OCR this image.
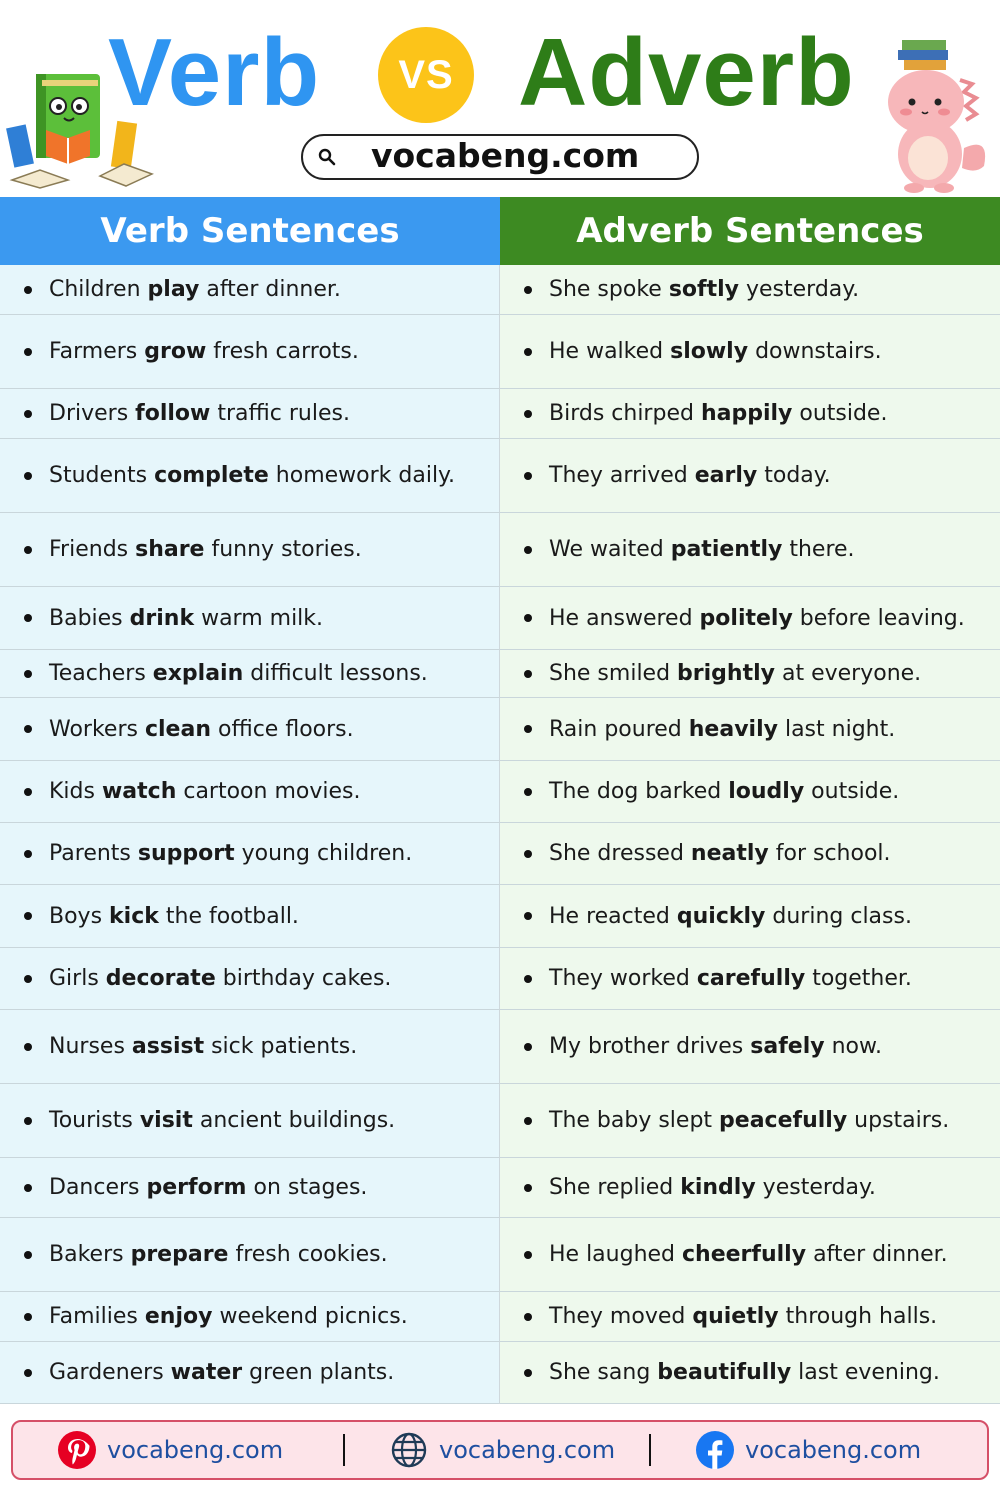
Verb VS Adverb
vocabeng.com
Verb Sentences	Adverb Sentences
Children play after dinner.	She spoke softly yesterday.
Farmers grow fresh carrots.	He walked slowly downstairs.
Drivers follow traffic rules.	Birds chirped happily outside.
Students complete homework daily.	They arrived early today.
Friends share funny stories.	We waited patiently there.
Babies drink warm milk.	He answered politely before leaving.
Teachers explain difficult lessons.	She smiled brightly at everyone.
Workers clean office floors.	Rain poured heavily last night.
Kids watch cartoon movies.	The dog barked loudly outside.
Parents support young children.	She dressed neatly for school.
Boys kick the football.	He reacted quickly during class.
Girls decorate birthday cakes.	They worked carefully together.
Nurses assist sick patients.	My brother drives safely now.
Tourists visit ancient buildings.	The baby slept peacefully upstairs.
Dancers perform on stages.	She replied kindly yesterday.
Bakers prepare fresh cookies.	He laughed cheerfully after dinner.
Families enjoy weekend picnics.	They moved quietly through halls.
Gardeners water green plants.	She sang beautifully last evening.
vocabeng.com	vocabeng.com	vocabeng.com
